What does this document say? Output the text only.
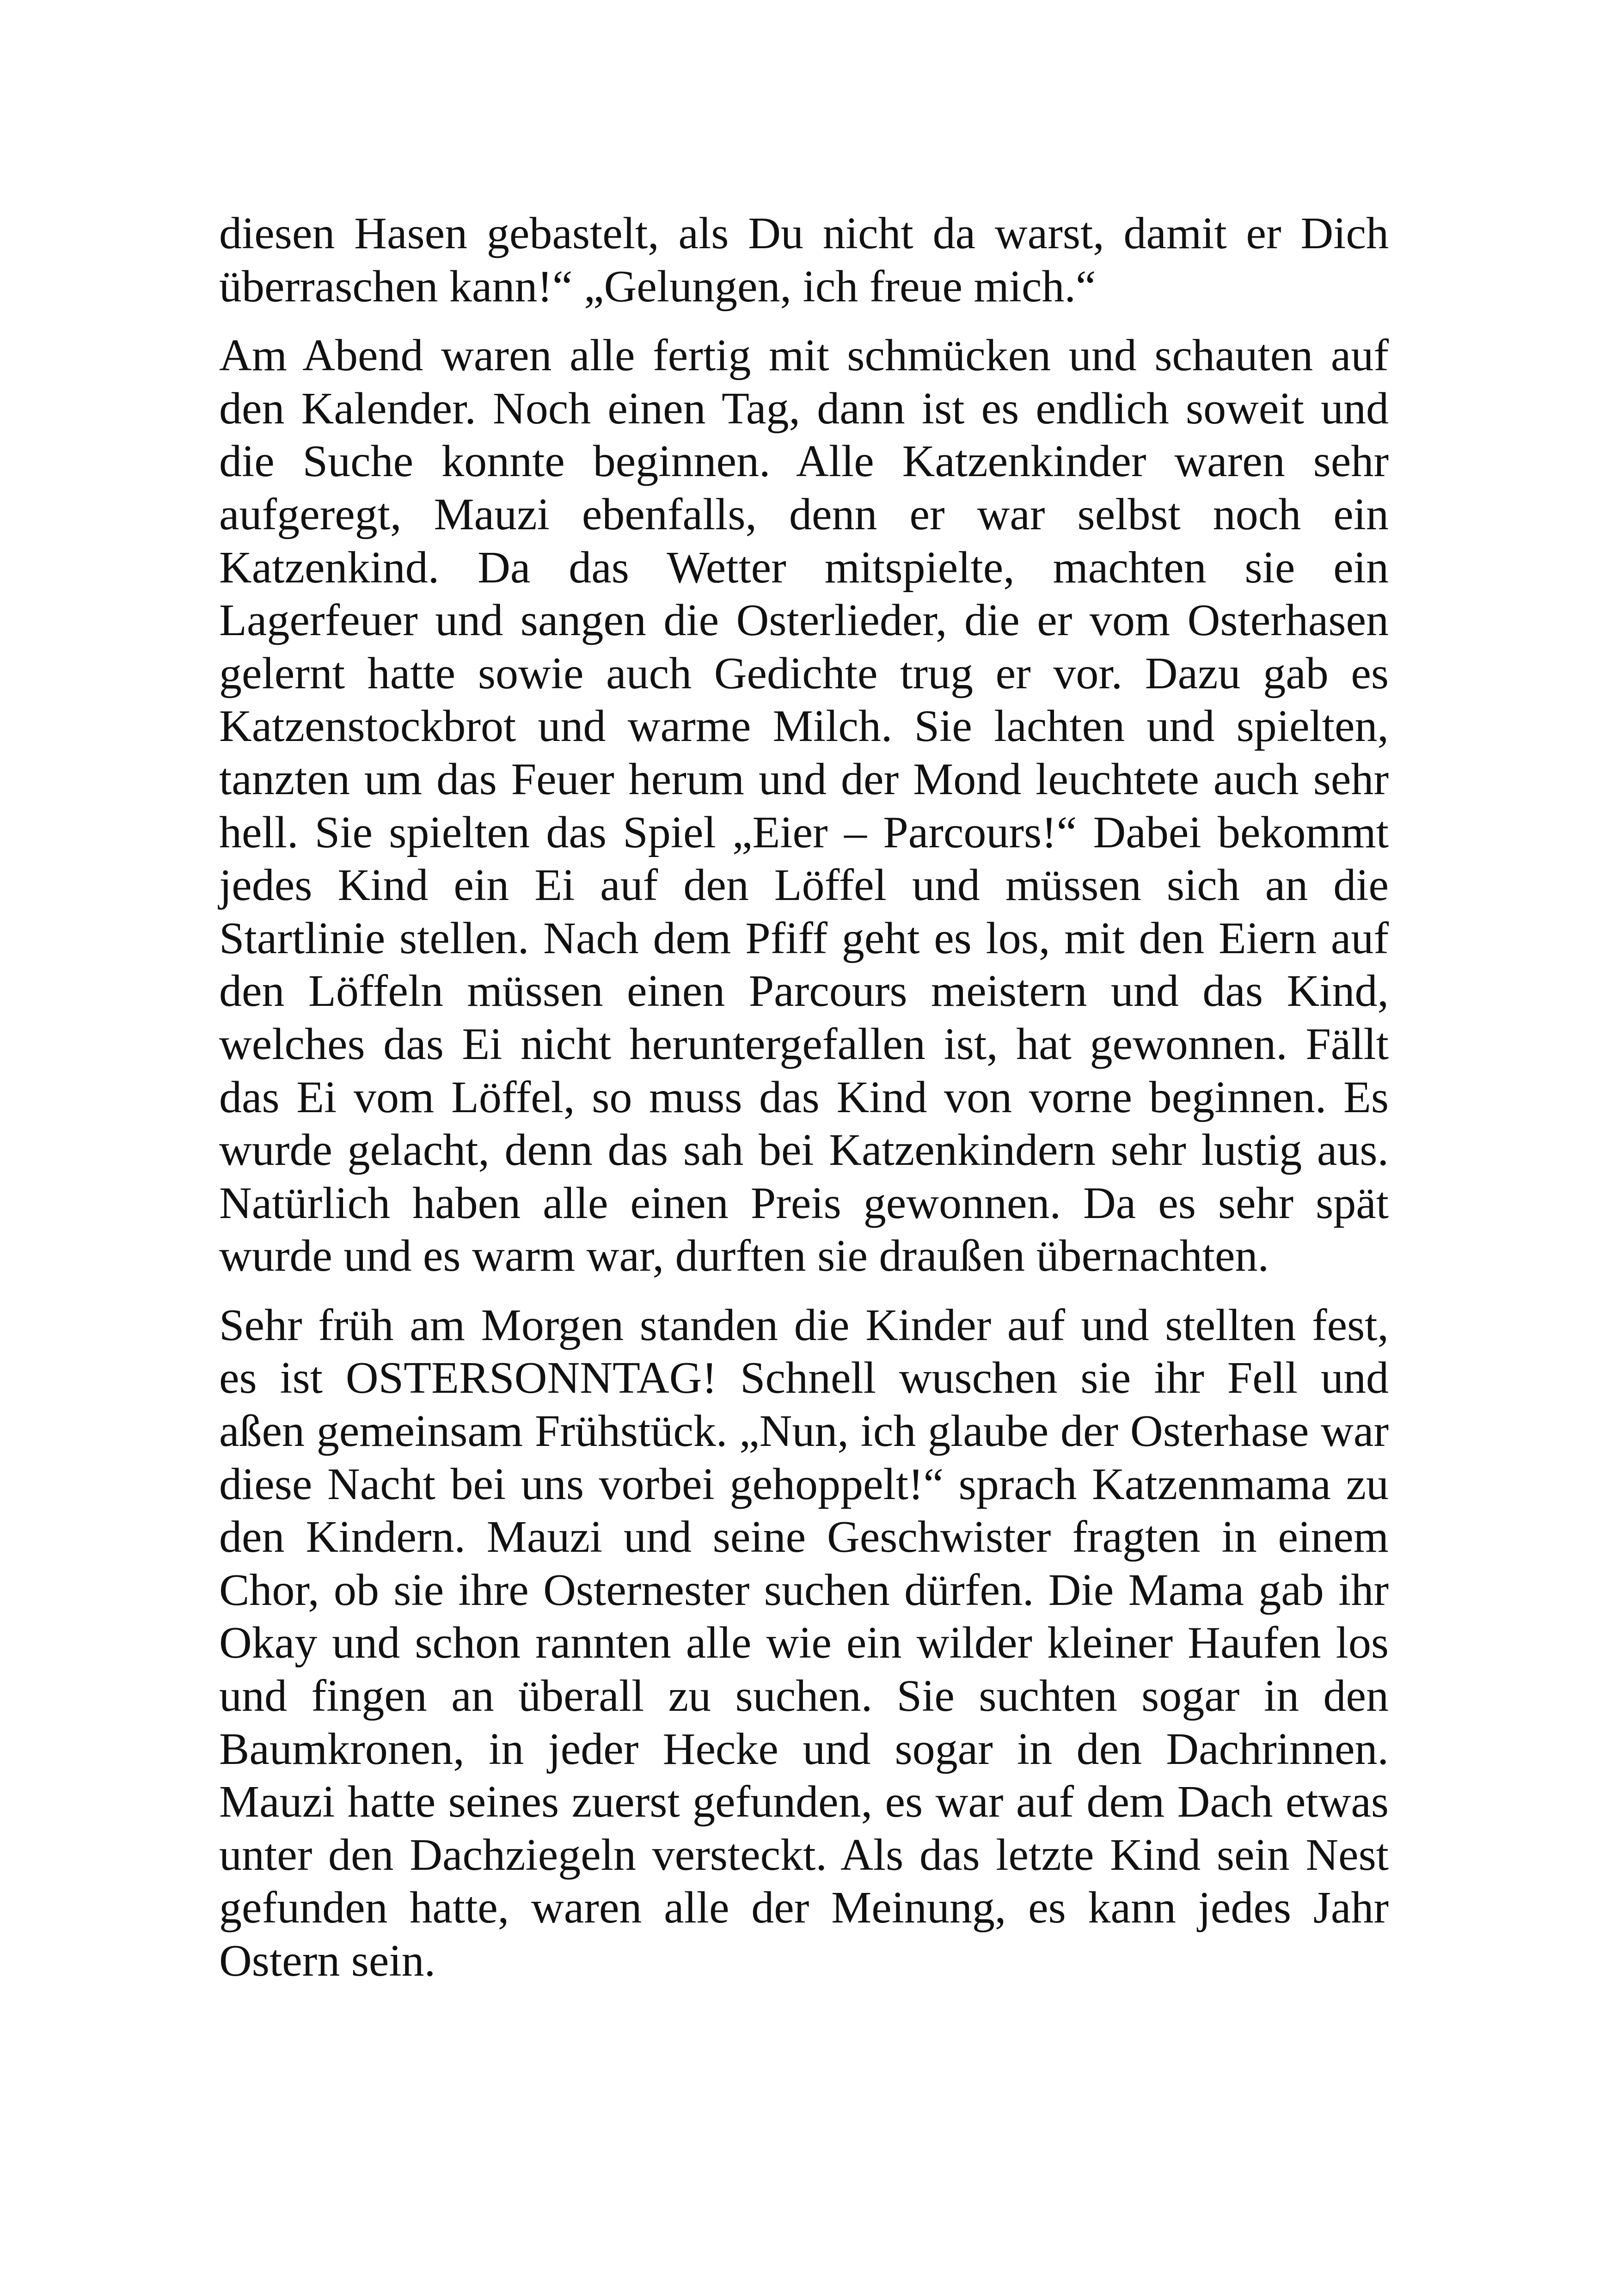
diesen Hasen gebastelt, als Du nicht da warst, damit er Dich überraschen kann!“ „Gelungen, ich freue mich.“

Am Abend waren alle fertig mit schmücken und schauten auf den Kalender. Noch einen Tag, dann ist es endlich soweit und die Suche konnte beginnen. Alle Katzenkinder waren sehr aufgeregt, Mauzi ebenfalls, denn er war selbst noch ein Katzenkind. Da das Wetter mitspielte, machten sie ein Lagerfeuer und sangen die Osterlieder, die er vom Osterhasen gelernt hatte sowie auch Gedichte trug er vor. Dazu gab es Katzenstockbrot und warme Milch. Sie lachten und spielten, tanzten um das Feuer herum und der Mond leuchtete auch sehr hell. Sie spielten das Spiel „Eier – Parcours!“ Dabei bekommt jedes Kind ein Ei auf den Löffel und müssen sich an die Startlinie stellen. Nach dem Pfiff geht es los, mit den Eiern auf den Löffeln müssen einen Parcours meistern und das Kind, welches das Ei nicht heruntergefallen ist, hat gewonnen. Fällt das Ei vom Löffel, so muss das Kind von vorne beginnen. Es wurde gelacht, denn das sah bei Katzenkindern sehr lustig aus. Natürlich haben alle einen Preis gewonnen. Da es sehr spät wurde und es warm war, durften sie draußen übernachten.

Sehr früh am Morgen standen die Kinder auf und stellten fest, es ist OSTERSONNTAG! Schnell wuschen sie ihr Fell und aßen gemeinsam Frühstück. „Nun, ich glaube der Osterhase war diese Nacht bei uns vorbei gehoppelt!“ sprach Katzenmama zu den Kindern. Mauzi und seine Geschwister fragten in einem Chor, ob sie ihre Osternester suchen dürfen. Die Mama gab ihr Okay und schon rannten alle wie ein wilder kleiner Haufen los und fingen an überall zu suchen. Sie suchten sogar in den Baumkronen, in jeder Hecke und sogar in den Dachrinnen. Mauzi hatte seines zuerst gefunden, es war auf dem Dach etwas unter den Dachziegeln versteckt. Als das letzte Kind sein Nest gefunden hatte, waren alle der Meinung, es kann jedes Jahr Ostern sein.
